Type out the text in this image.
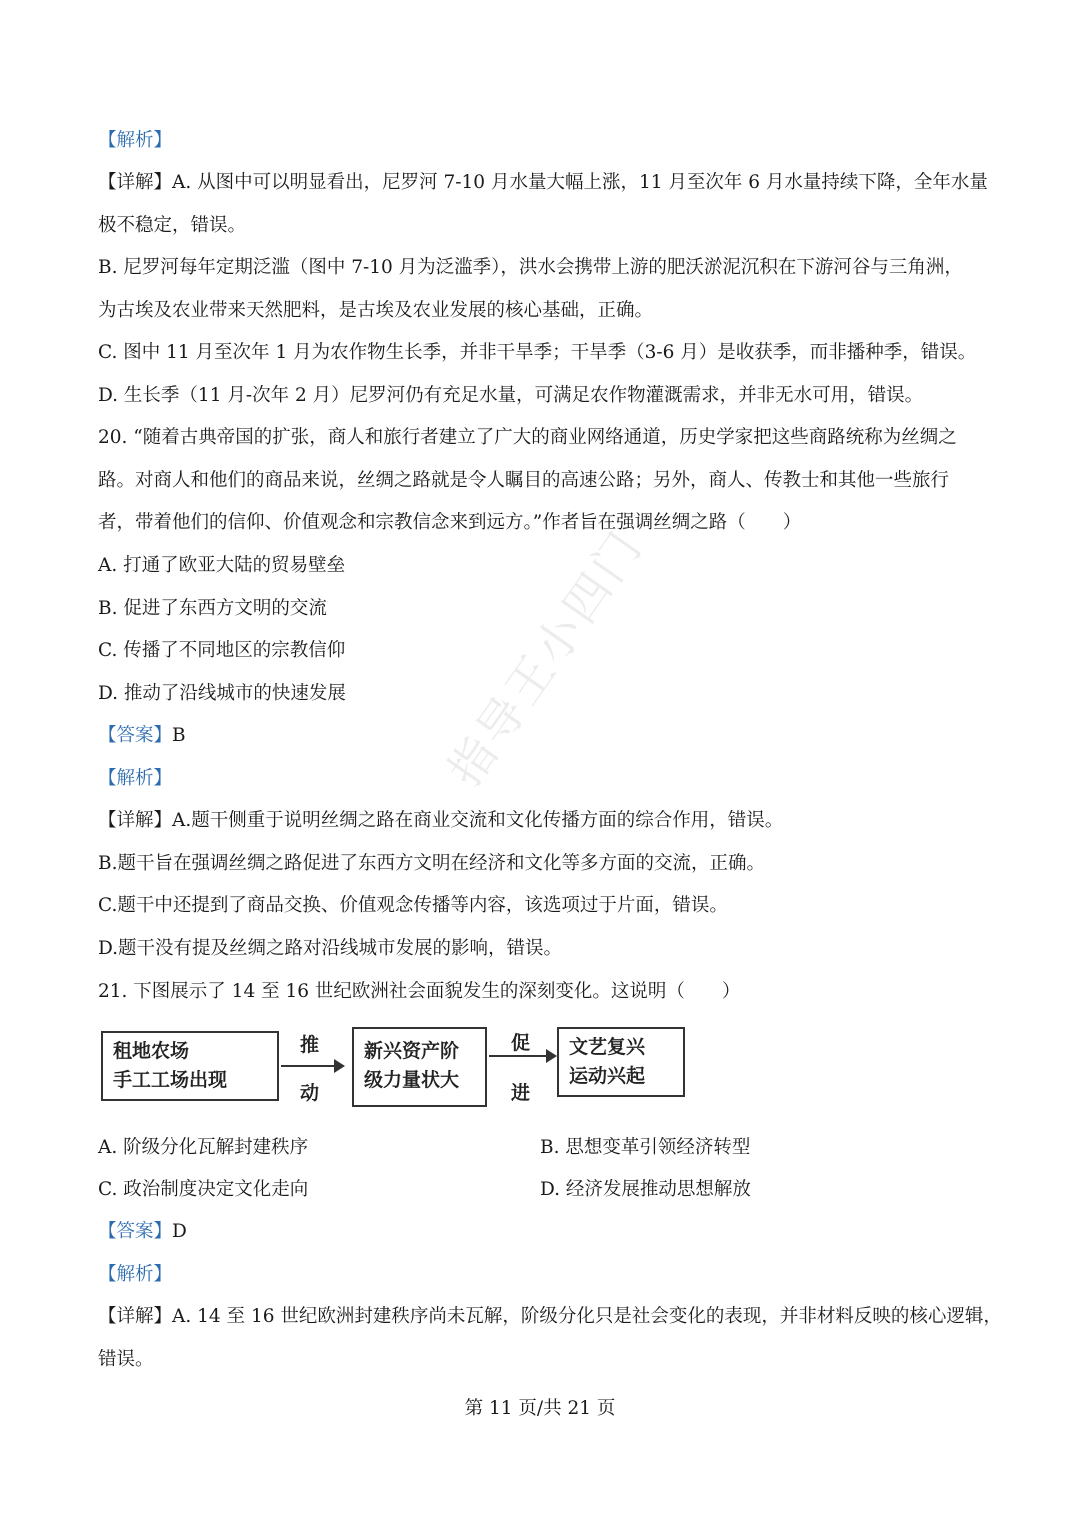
指导王小四门
【解析】
【详解】A. 从图中可以明显看出，尼罗河 7-10 月水量大幅上涨，11 月至次年 6 月水量持续下降，全年水量
极不稳定，错误。
B. 尼罗河每年定期泛滥（图中 7-10 月为泛滥季），洪水会携带上游的肥沃淤泥沉积在下游河谷与三角洲，
为古埃及农业带来天然肥料，是古埃及农业发展的核心基础，正确。
C. 图中 11 月至次年 1 月为农作物生长季，并非干旱季；干旱季（3-6 月）是收获季，而非播种季，错误。
D. 生长季（11 月-次年 2 月）尼罗河仍有充足水量，可满足农作物灌溉需求，并非无水可用，错误。
20. “随着古典帝国的扩张，商人和旅行者建立了广大的商业网络通道，历史学家把这些商路统称为丝绸之
路。对商人和他们的商品来说，丝绸之路就是令人瞩目的高速公路；另外，商人、传教士和其他一些旅行
者，带着他们的信仰、价值观念和宗教信念来到远方。”作者旨在强调丝绸之路（　　）
A. 打通了欧亚大陆的贸易壁垒
B. 促进了东西方文明的交流
C. 传播了不同地区的宗教信仰
D. 推动了沿线城市的快速发展
【答案】B
【解析】
【详解】A.题干侧重于说明丝绸之路在商业交流和文化传播方面的综合作用，错误。
B.题干旨在强调丝绸之路促进了东西方文明在经济和文化等多方面的交流，正确。
C.题干中还提到了商品交换、价值观念传播等内容，该选项过于片面，错误。
D.题干没有提及丝绸之路对沿线城市发展的影响，错误。
21. 下图展示了 14 至 16 世纪欧洲社会面貌发生的深刻变化。这说明（　　）
租地农场
手工工场出现
推
动
新兴资产阶
级力量状大
促
进
文艺复兴
运动兴起
A. 阶级分化瓦解封建秩序	B. 思想变革引领经济转型
C. 政治制度决定文化走向	D. 经济发展推动思想解放
【答案】D
【解析】
【详解】A. 14 至 16 世纪欧洲封建秩序尚未瓦解，阶级分化只是社会变化的表现，并非材料反映的核心逻辑，
错误。
第 11 页/共 21 页
